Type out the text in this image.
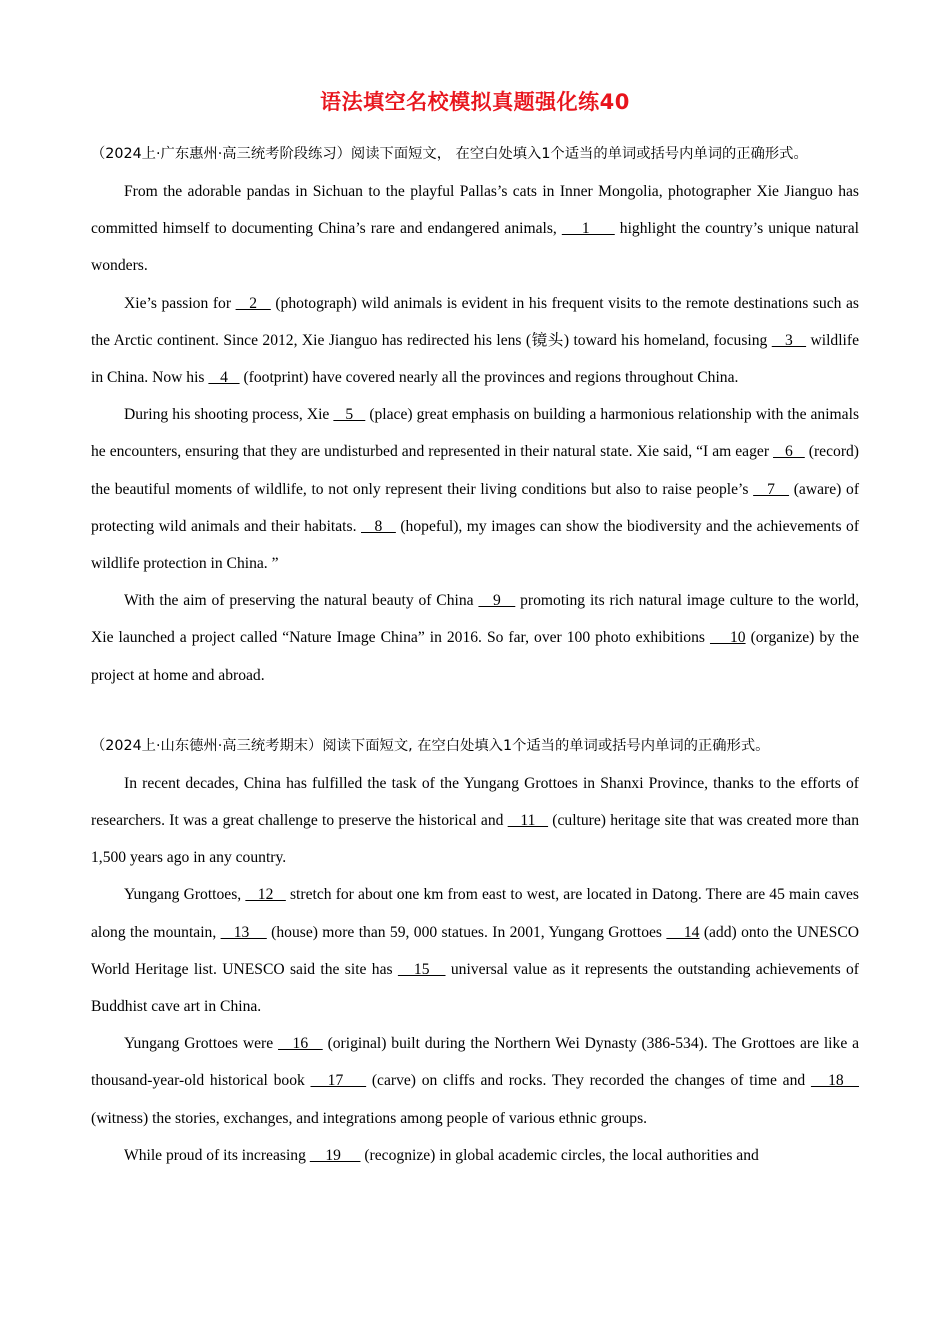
语法填空名校模拟真题强化练40

（2024上·广东惠州·高三统考阶段练习）阅读下面短文， 在空白处填入1个适当的单词或括号内单词的正确形式。

From the adorable pandas in Sichuan to the playful Pallas’s cats in Inner Mongolia, photographer Xie Jianguo has committed himself to documenting China’s rare and endangered animals,     1      highlight the country’s unique natural wonders.

Xie’s passion for    2    (photograph) wild animals is evident in his frequent visits to the remote destinations such as the Arctic continent. Since 2012, Xie Jianguo has redirected his lens (镜头) toward his homeland, focusing    3    wildlife in China. Now his    4    (footprint) have covered nearly all the provinces and regions throughout China.

During his shooting process, Xie    5    (place) great emphasis on building a harmonious relationship with the animals he encounters, ensuring that they are undisturbed and represented in their natural state. Xie said, “I am eager    6    (record) the beautiful moments of wildlife, to not only represent their living conditions but also to raise people’s    7    (aware) of protecting wild animals and their habitats.    8    (hopeful), my images can show the biodiversity and the achievements of wildlife protection in China. ”

With the aim of preserving the natural beauty of China    9    promoting its rich natural image culture to the world, Xie launched a project called “Nature Image China” in 2016. So far, over 100 photo exhibitions     10 (organize) by the project at home and abroad.

（2024上·山东德州·高三统考期末）阅读下面短文, 在空白处填入1个适当的单词或括号内单词的正确形式。

In recent decades, China has fulfilled the task of the Yungang Grottoes in Shanxi Province, thanks to the efforts of researchers. It was a great challenge to preserve the historical and    11    (culture) heritage site that was created more than 1,500 years ago in any country.

Yungang Grottoes,    12    stretch for about one km from east to west, are located in Datong. There are 45 main caves along the mountain,    13     (house) more than 59, 000 statues. In 2001, Yungang Grottoes     14 (add) onto the UNESCO World Heritage list. UNESCO said the site has    15    universal value as it represents the outstanding achievements of Buddhist cave art in China.

Yungang Grottoes were    16    (original) built during the Northern Wei Dynasty (386-534). The Grottoes are like a thousand-year-old historical book    17     (carve) on cliffs and rocks. They recorded the changes of time and    18    (witness) the stories, exchanges, and integrations among people of various ethnic groups.

While proud of its increasing     19      (recognize) in global academic circles, the local authorities and
